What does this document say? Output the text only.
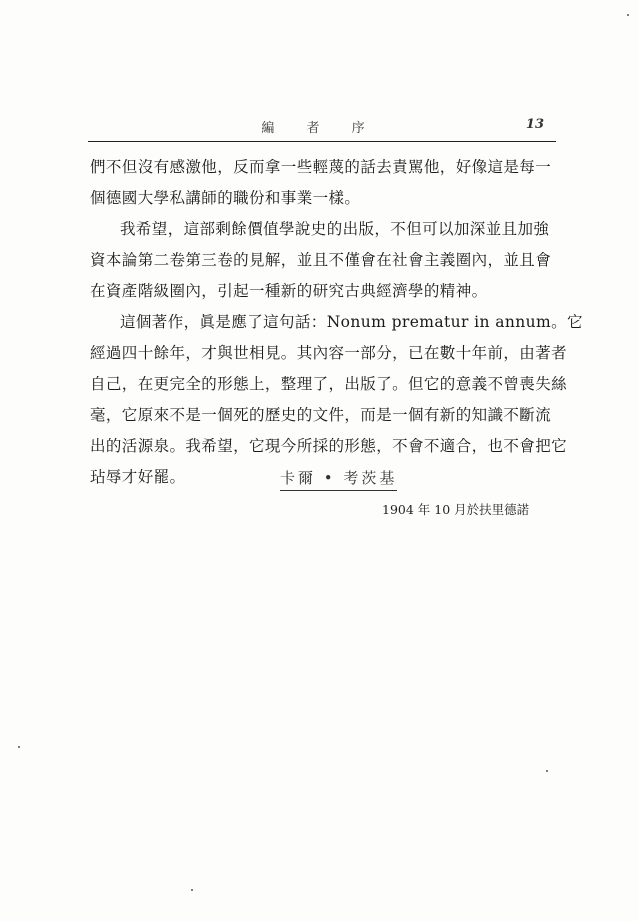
編 者 序	13
們不但沒有感激他，反而拿一些輕蔑的話去責駡他，好像這是每一
個德國大學私講師的職份和事業一樣。
我希望，這部剩餘價值學說史的出版，不但可以加深並且加強
資本論第二卷第三卷的見解，並且不僅會在社會主義圈內，並且會
在資產階級圈內，引起一種新的研究古典經濟學的精神。
這個著作，眞是應了這句話：Nonum prematur in annum。它
經過四十餘年，才與世相見。其內容一部分，已在數十年前，由著者
自己，在更完全的形態上，整理了，出版了。但它的意義不曾喪失絲
毫，它原來不是一個死的歷史的文件，而是一個有新的知識不斷流
出的活源泉。我希望，它現今所採的形態，不會不適合，也不會把它
玷辱才好罷。	卡爾 • 考茨基
1904 年 10 月於扶里德諾
